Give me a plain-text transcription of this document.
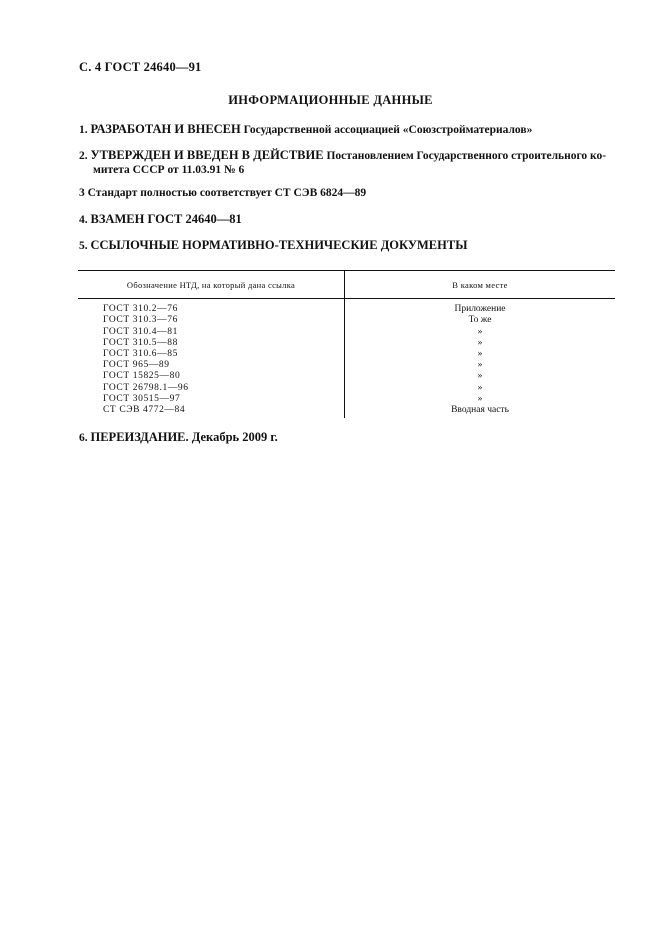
С. 4 ГОСТ 24640—91
ИНФОРМАЦИОННЫЕ ДАННЫЕ
1. РАЗРАБОТАН И ВНЕСЕН Государственной ассоциацией «Союзстройматериалов»
2. УТВЕРЖДЕН И ВВЕДЕН В ДЕЙСТВИЕ Постановлением Государственного строительного ко-
митета СССР от 11.03.91 № 6
3 Стандарт полностью соответствует СТ СЭВ 6824—89
4. ВЗАМЕН ГОСТ 24640—81
5. ССЫЛОЧНЫЕ НОРМАТИВНО-ТЕХНИЧЕСКИЕ ДОКУМЕНТЫ
Обозначение НТД, на который дана ссылка	В каком месте
ГОСТ 310.2—76	Приложение
ГОСТ 310.3—76	То же
ГОСТ 310.4—81	»
ГОСТ 310.5—88	»
ГОСТ 310.6—85	»
ГОСТ 965—89	»
ГОСТ 15825—80	»
ГОСТ 26798.1—96	»
ГОСТ 30515—97	»
СТ СЭВ 4772—84	Вводная часть
6. ПЕРЕИЗДАНИЕ. Декабрь 2009 г.
